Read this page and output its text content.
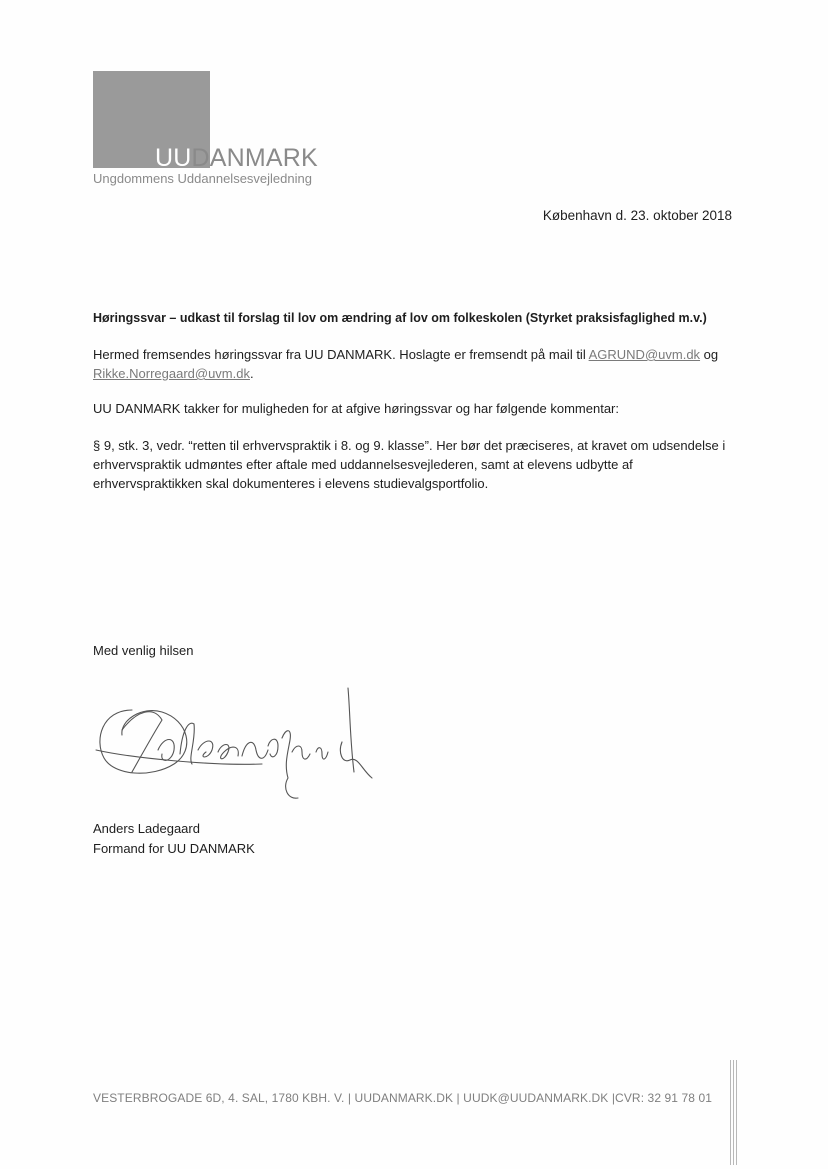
UUDANMARK
Ungdommens Uddannelsesvejledning
København d. 23. oktober 2018
Høringssvar – udkast til forslag til lov om ændring af lov om folkeskolen (Styrket praksisfaglighed m.v.)
Hermed fremsendes høringssvar fra UU DANMARK. Hoslagte er fremsendt på mail til AGRUND@uvm.dk og Rikke.Norregaard@uvm.dk.
UU DANMARK takker for muligheden for at afgive høringssvar og har følgende kommentar:
§ 9, stk. 3, vedr. “retten til erhvervspraktik i 8. og 9. klasse”. Her bør det præciseres, at kravet om udsendelse i erhvervspraktik udmøntes efter aftale med uddannelsesvejlederen, samt at elevens udbytte af erhvervspraktikken skal dokumenteres i elevens studievalgsportfolio.
Med venlig hilsen
Anders Ladegaard
Formand for UU DANMARK
VESTERBROGADE 6D, 4. SAL, 1780 KBH. V. | UUDANMARK.DK | UUDK@UUDANMARK.DK |CVR: 32 91 78 01
